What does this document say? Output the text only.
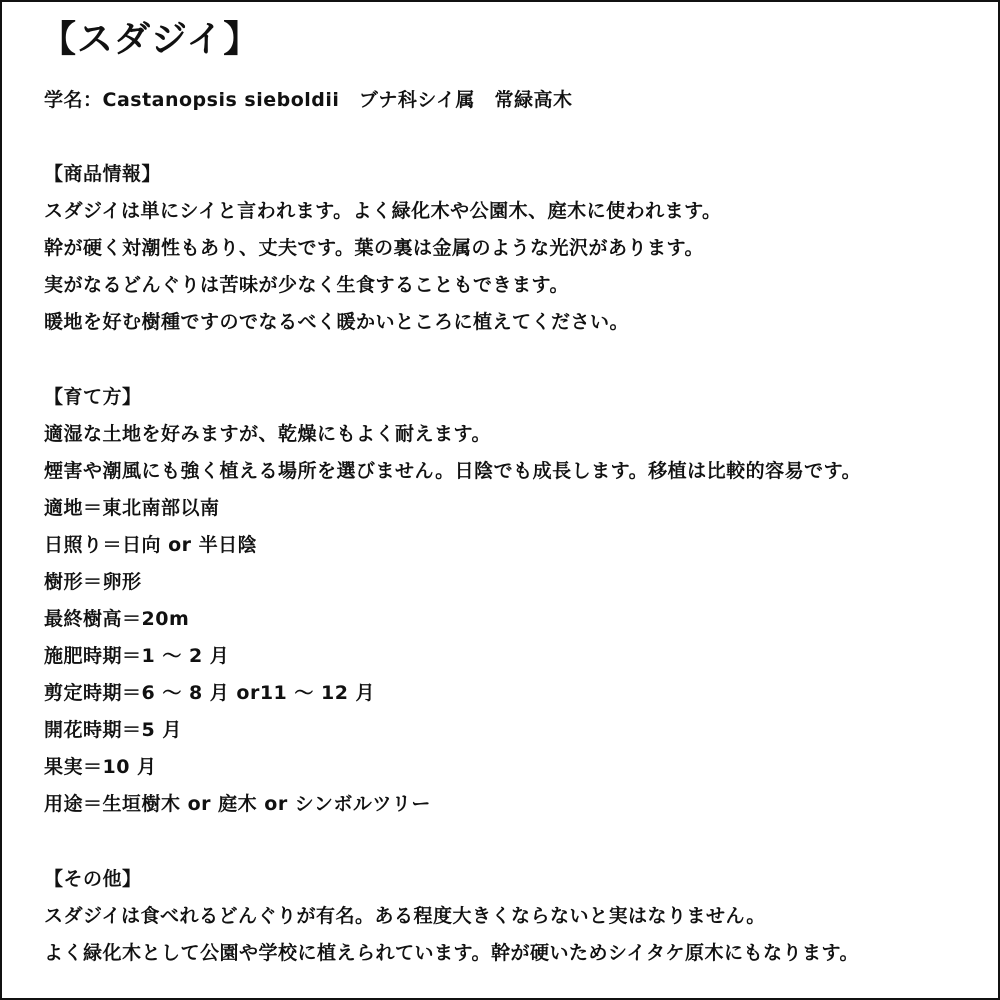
【スダジイ】
学名：Castanopsis sieboldii　ブナ科シイ属　常緑高木
【商品情報】
スダジイは単にシイと言われます。よく緑化木や公園木、庭木に使われます。
幹が硬く対潮性もあり、丈夫です。葉の裏は金属のような光沢があります。
実がなるどんぐりは苦味が少なく生食することもできます。
暖地を好む樹種ですのでなるべく暖かいところに植えてください。
【育て方】
適湿な土地を好みますが、乾燥にもよく耐えます。
煙害や潮風にも強く植える場所を選びません。日陰でも成長します。移植は比較的容易です。
適地＝東北南部以南
日照り＝日向 or 半日陰
樹形＝卵形
最終樹高＝20m
施肥時期＝1 ～ 2 月
剪定時期＝6 ～ 8 月 or11 ～ 12 月
開花時期＝5 月
果実＝10 月
用途＝生垣樹木 or 庭木 or シンボルツリー
【その他】
スダジイは食べれるどんぐりが有名。ある程度大きくならないと実はなりません。
よく緑化木として公園や学校に植えられています。幹が硬いためシイタケ原木にもなります。
